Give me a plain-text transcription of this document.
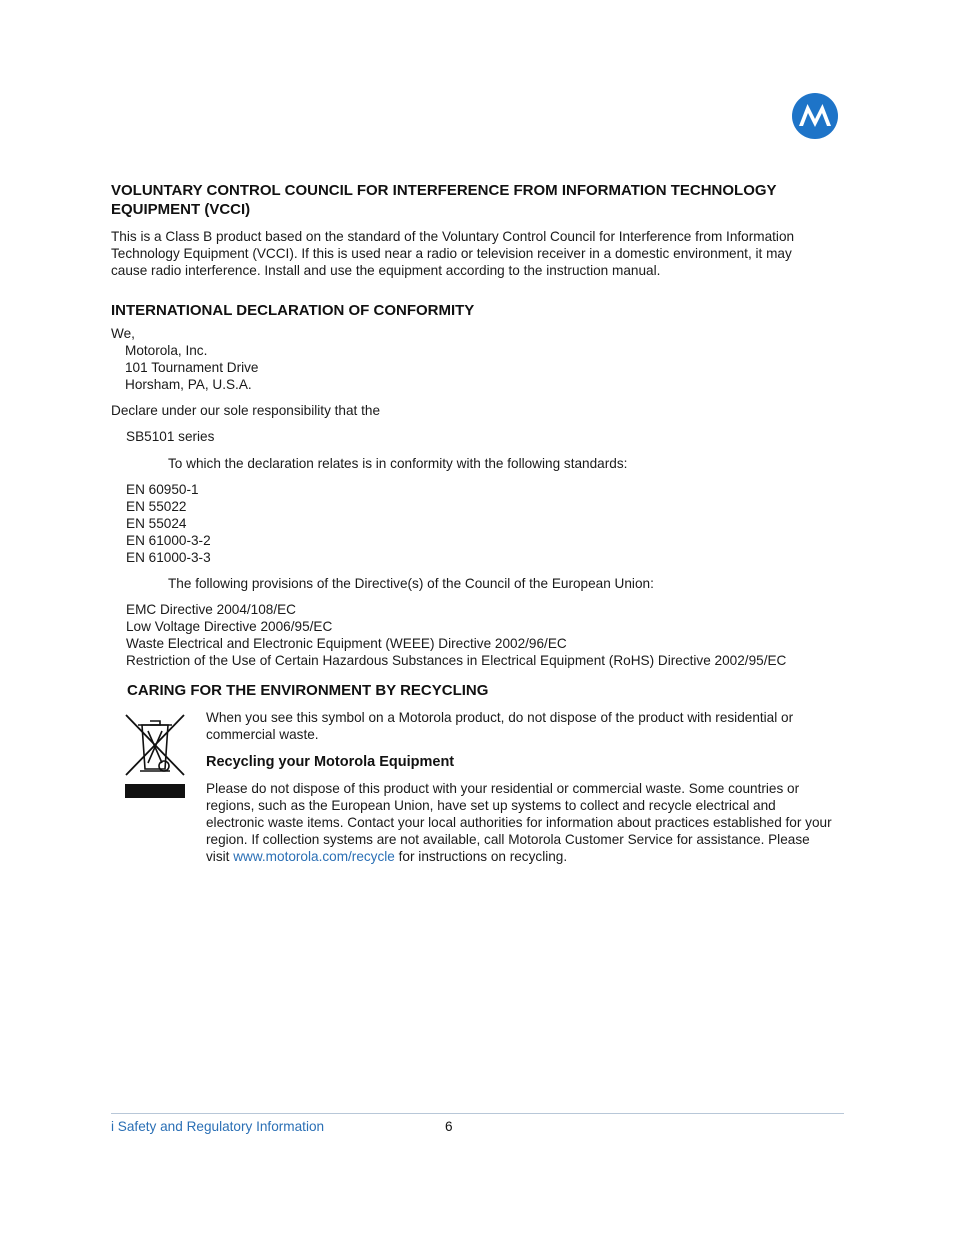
VOLUNTARY CONTROL COUNCIL FOR INTERFERENCE FROM INFORMATION TECHNOLOGY EQUIPMENT (VCCI)

This is a Class B product based on the standard of the Voluntary Control Council for Interference from Information Technology Equipment (VCCI). If this is used near a radio or television receiver in a domestic environment, it may cause radio interference. Install and use the equipment according to the instruction manual.

INTERNATIONAL DECLARATION OF CONFORMITY
We,
Motorola, Inc.
101 Tournament Drive
Horsham, PA, U.S.A.

Declare under our sole responsibility that the

SB5101 series

To which the declaration relates is in conformity with the following standards:

EN 60950-1
EN 55022
EN 55024
EN 61000-3-2
EN 61000-3-3

The following provisions of the Directive(s) of the Council of the European Union:

EMC Directive 2004/108/EC
Low Voltage Directive 2006/95/EC
Waste Electrical and Electronic Equipment (WEEE) Directive 2002/96/EC
Restriction of the Use of Certain Hazardous Substances in Electrical Equipment (RoHS) Directive 2002/95/EC
CARING FOR THE ENVIRONMENT BY RECYCLING

When you see this symbol on a Motorola product, do not dispose of the product with residential or commercial waste.

Recycling your Motorola Equipment

Please do not dispose of this product with your residential or commercial waste. Some countries or regions, such as the European Union, have set up systems to collect and recycle electrical and electronic waste items. Contact your local authorities for information about practices established for your region. If collection systems are not available, call Motorola Customer Service for assistance. Please visit www.motorola.com/recycle for instructions on recycling.

i Safety and Regulatory Information	6
